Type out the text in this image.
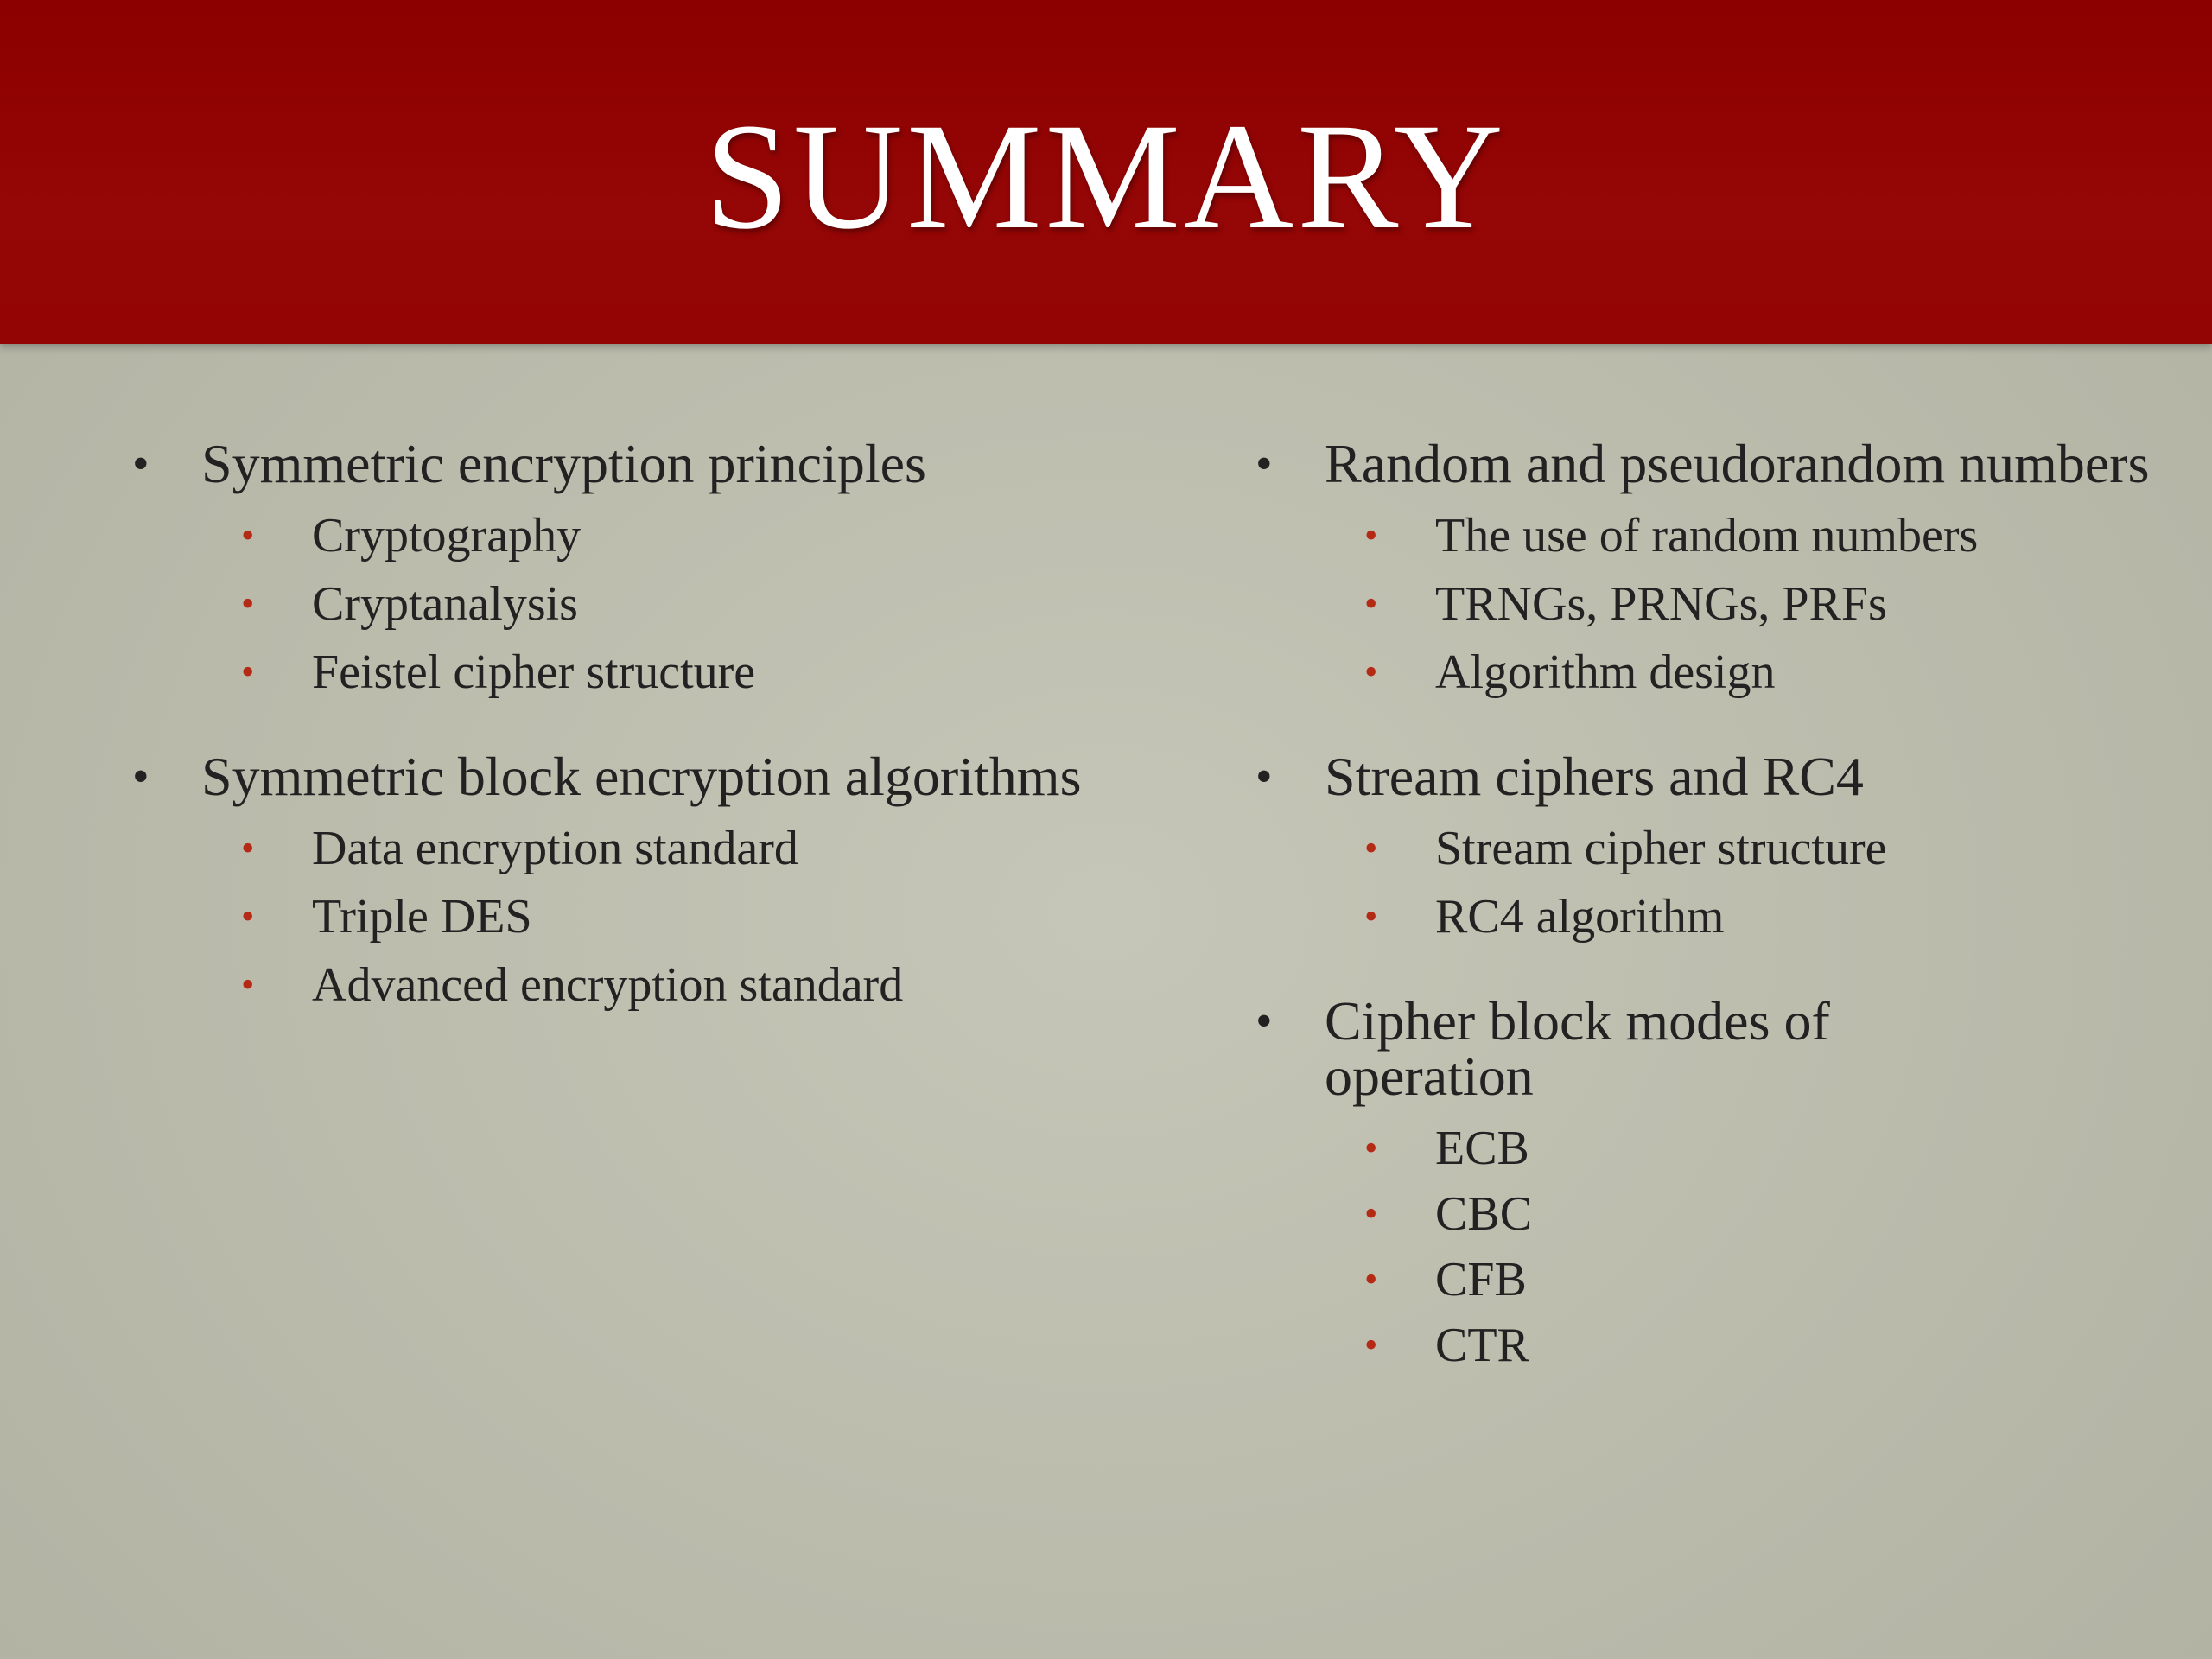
SUMMARY
• Symmetric encryption principles
• Cryptography
• Cryptanalysis
• Feistel cipher structure
• Symmetric block encryption algorithms
• Data encryption standard
• Triple DES
• Advanced encryption standard
• Random and pseudorandom numbers
• The use of random numbers
• TRNGs, PRNGs, PRFs
• Algorithm design
• Stream ciphers and RC4
• Stream cipher structure
• RC4 algorithm
• Cipher block modes of operation
• ECB
• CBC
• CFB
• CTR
